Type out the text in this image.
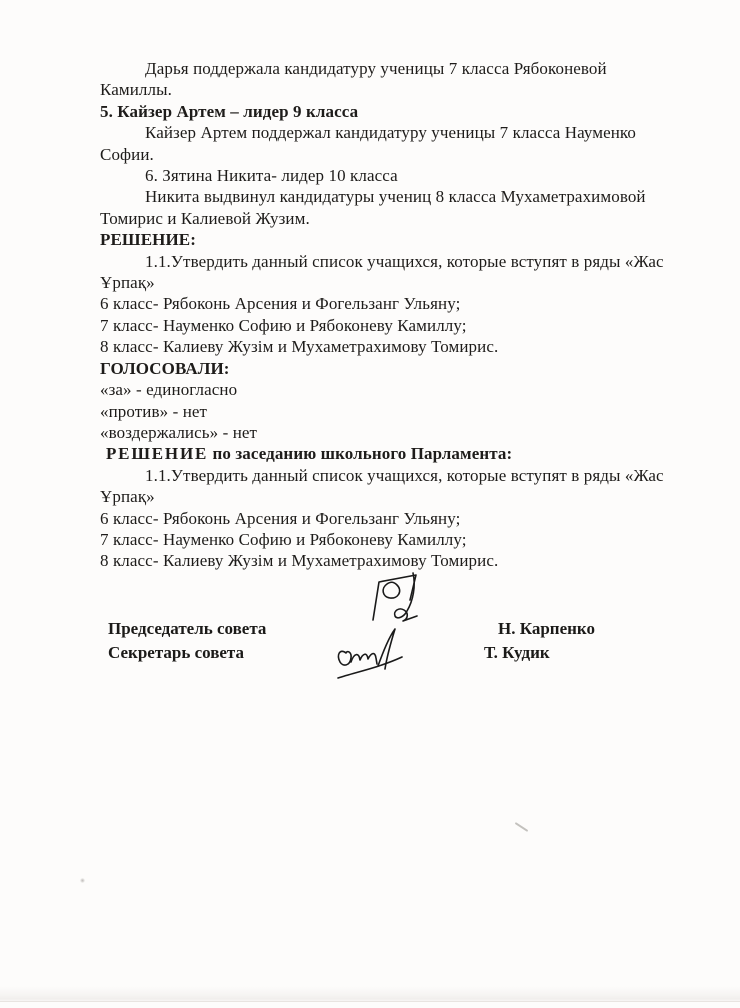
Дарья поддержала кандидатуру ученицы 7 класса Рябоконевой
Камиллы.
5. Кайзер Артем – лидер 9 класса
Кайзер Артем поддержал кандидатуру ученицы 7 класса Науменко
Софии.
6. Зятина Никита- лидер 10 класса
Никита выдвинул кандидатуры учениц 8 класса Мухаметрахимовой
Томирис и Калиевой Жузим.
РЕШЕНИЕ:
1.1.Утвердить данный список учащихся, которые вступят в ряды «Жас
Ұрпақ»
6 класс- Рябоконь Арсения и Фогельзанг Ульяну;
7 класс- Науменко Софию и Рябоконеву Камиллу;
8 класс- Калиеву Жузім и Мухаметрахимову Томирис.
ГОЛОСОВАЛИ:
«за» - единогласно
«против» - нет
«воздержались» - нет
РЕШЕНИЕ по заседанию школьного Парламента:
1.1.Утвердить данный список учащихся, которые вступят в ряды «Жас
Ұрпақ»
6 класс- Рябоконь Арсения и Фогельзанг Ульяну;
7 класс- Науменко Софию и Рябоконеву Камиллу;
8 класс- Калиеву Жузім и Мухаметрахимову Томирис.
Председатель совета
Секретарь совета
Н. Карпенко
Т. Кудик
